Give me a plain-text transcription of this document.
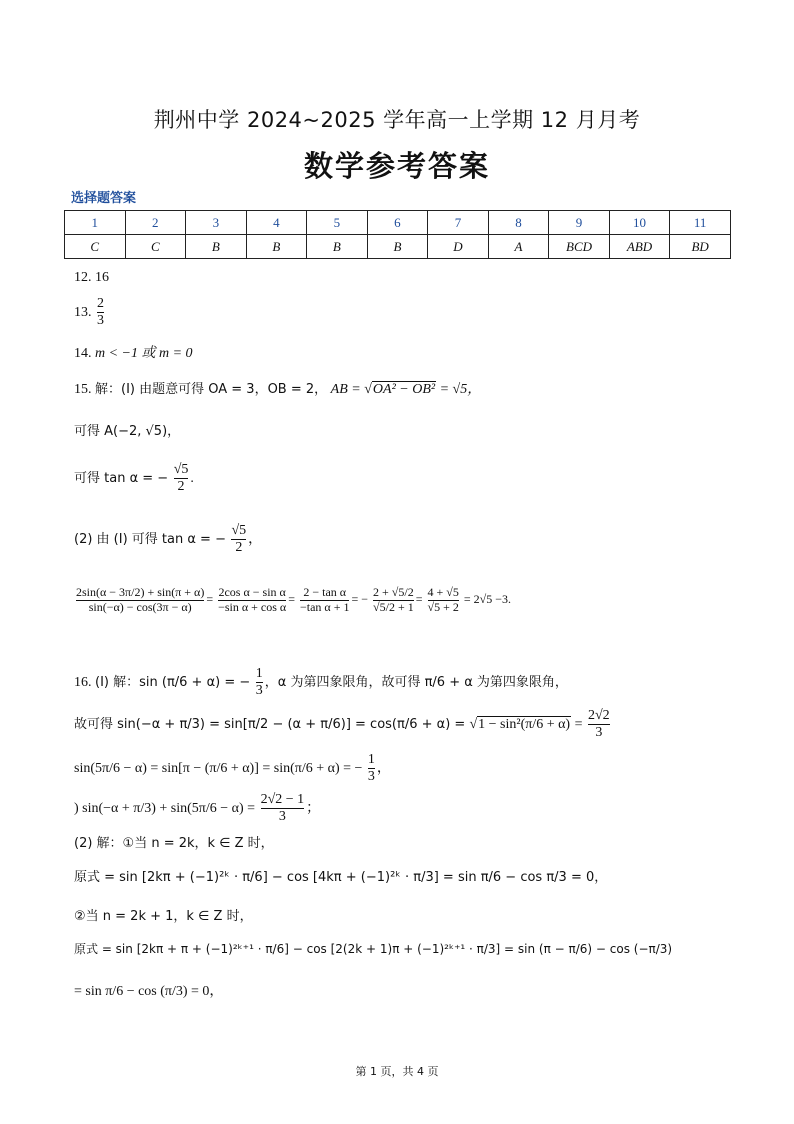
荆州中学 2024~2025 学年高一上学期 12 月月考
数学参考答案
选择题答案
1	2	3	4	5	6	7	8	9	10	11
C	C	B	B	B	B	D	A	BCD	ABD	BD
12. 16
13. $\frac{2}{3}$
14. m < −1 或 m = 0
15. 解：(I) 由题意可得 OA = 3，OB = 2， AB = √OA² − OB² = √5，
可得 A(−2, √5)，
可得 tan α = − $\frac{√5}{2}$ .
(2) 由 (I) 可得 tan α = − $\frac{√5}{2}$ ，
$\frac{2\sin(\alpha - 3\pi/2) + \sin(\pi + \alpha)}{\sin(-\alpha) - \cos(3\pi - \alpha)} = \frac{\text{2cos α − sin α}}{\text{−sin α + cos α}} = \frac{\text{2 − tan α}}{\text{−tan α + 1}}$ = − $\frac{2 + √5/2}{√5/2 + 1} = \frac{4 + √5}{√5 + 2} = 2√5 -3$.
16. (I) 解：sin (π/6 + α) = − $\frac{1}{3}$ ，α 为第四象限角，故可得 π/6 + α 为第四象限角，
故可得 $\sin(-\alpha + \pi/3) = \sin[\pi/2 - (\alpha + \pi/6)] = \cos(\pi/6 + \alpha) = √1 - \sin^2(\pi/6 + \alpha) = \frac{2√2}{3}$
sin(5π/6 − α) = sin[π − (π/6 + α)] = sin(π/6 + α) = − $\frac{1}{3}$ ，
) $\sin(-\alpha + \pi/3) + \sin(5\pi/6 - \alpha) = \frac{2√2 - 1}{3}$ ；
(2) 解：①当 n = 2k，k ∈ Z 时，
原式 = sin [2kπ + (−1)²ᵏ · π/6] − cos [4kπ + (−1)²ᵏ · π/3] = sin π/6 − cos π/3 = 0，
②当 n = 2k + 1，k ∈ Z 时，
原式 = sin [2kπ + π + (−1)²ᵏ⁺¹ · π/6] − cos [2(2k + 1)π + (−1)²ᵏ⁺¹ · π/3] = sin (π − π/6) − cos (−π/3)
= sin π/6 − cos (π/3) = 0，
第 1 页，共 4 页
